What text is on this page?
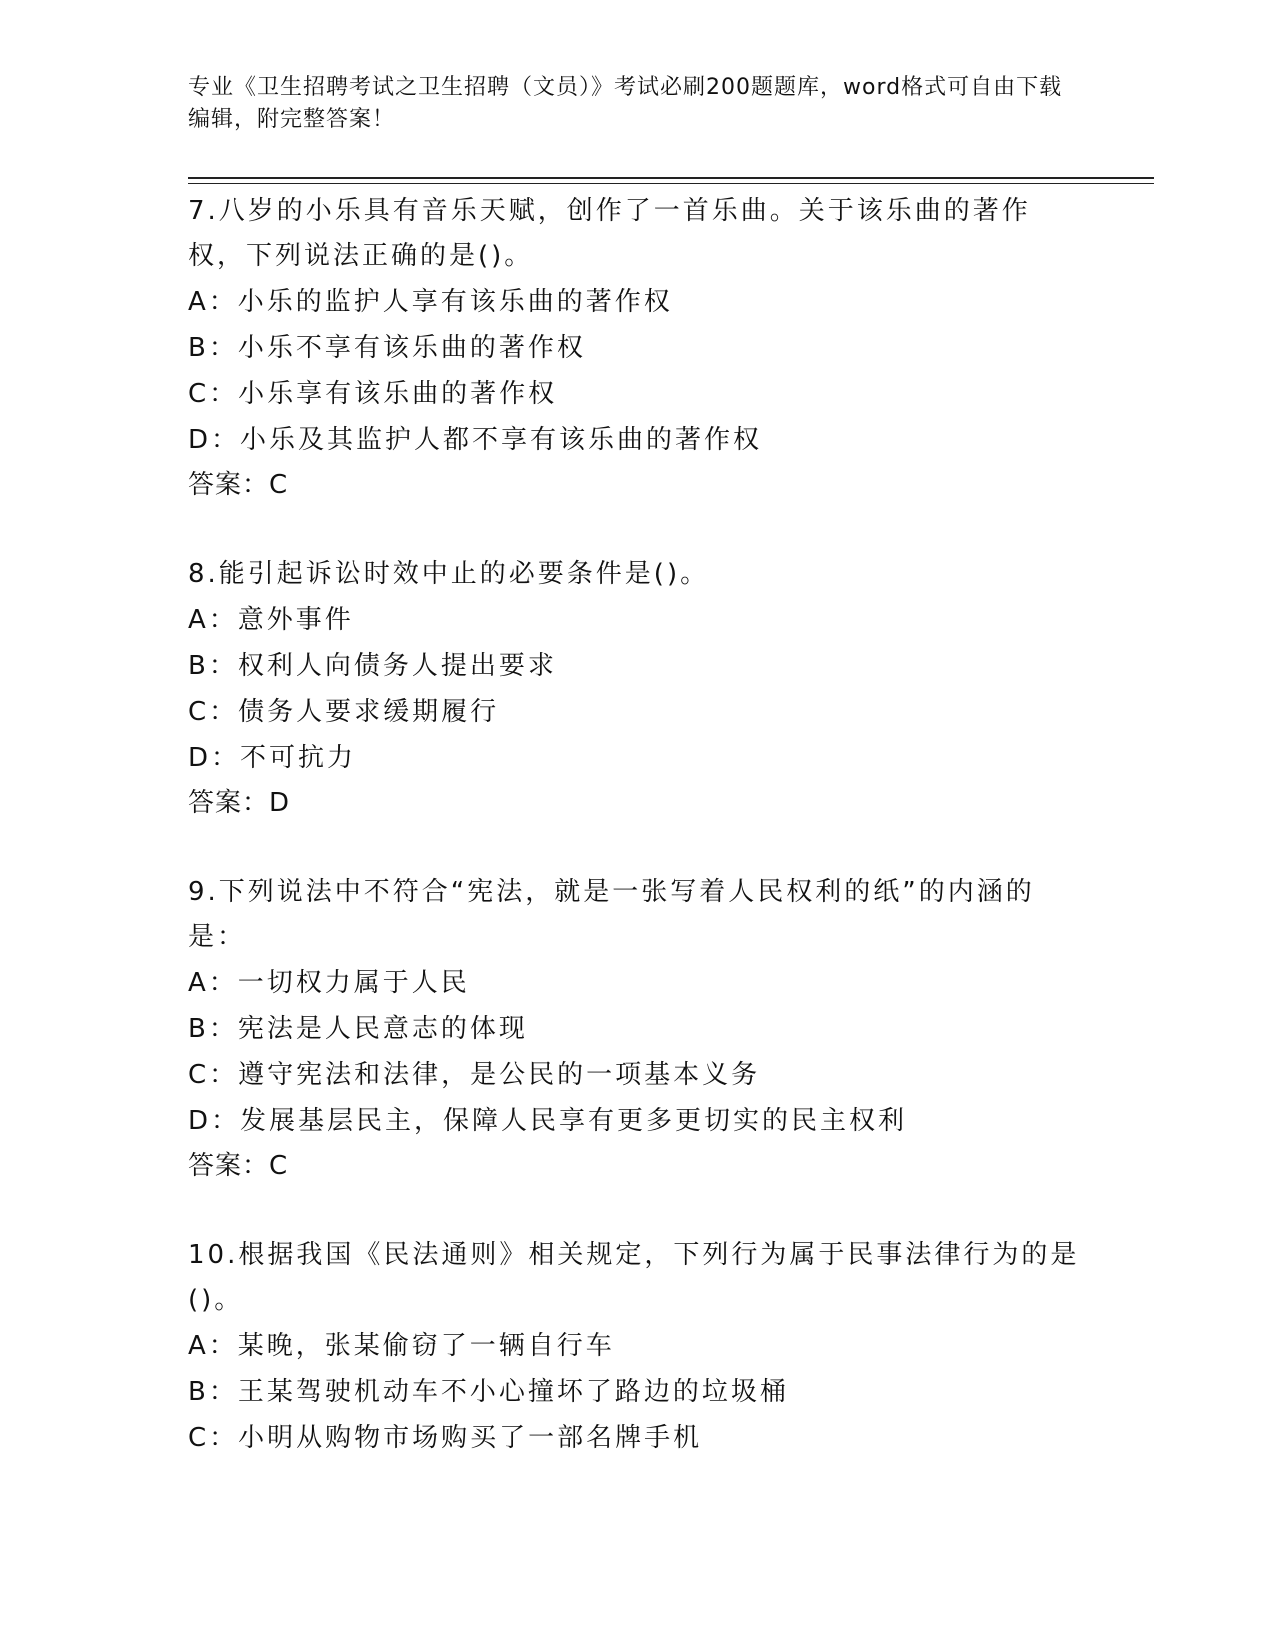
专业《卫生招聘考试之卫生招聘（文员）》考试必刷200题题库，word格式可自由下载编辑，附完整答案！
7.八岁的小乐具有音乐天赋，创作了一首乐曲。关于该乐曲的著作权，下列说法正确的是()。
A：小乐的监护人享有该乐曲的著作权
B：小乐不享有该乐曲的著作权
C：小乐享有该乐曲的著作权
D：小乐及其监护人都不享有该乐曲的著作权
答案：C
8.能引起诉讼时效中止的必要条件是()。
A：意外事件
B：权利人向债务人提出要求
C：债务人要求缓期履行
D：不可抗力
答案：D
9.下列说法中不符合“宪法，就是一张写着人民权利的纸”的内涵的是：
A：一切权力属于人民
B：宪法是人民意志的体现
C：遵守宪法和法律，是公民的一项基本义务
D：发展基层民主，保障人民享有更多更切实的民主权利
答案：C
10.根据我国《民法通则》相关规定，下列行为属于民事法律行为的是()。
A：某晚，张某偷窃了一辆自行车
B：王某驾驶机动车不小心撞坏了路边的垃圾桶
C：小明从购物市场购买了一部名牌手机
